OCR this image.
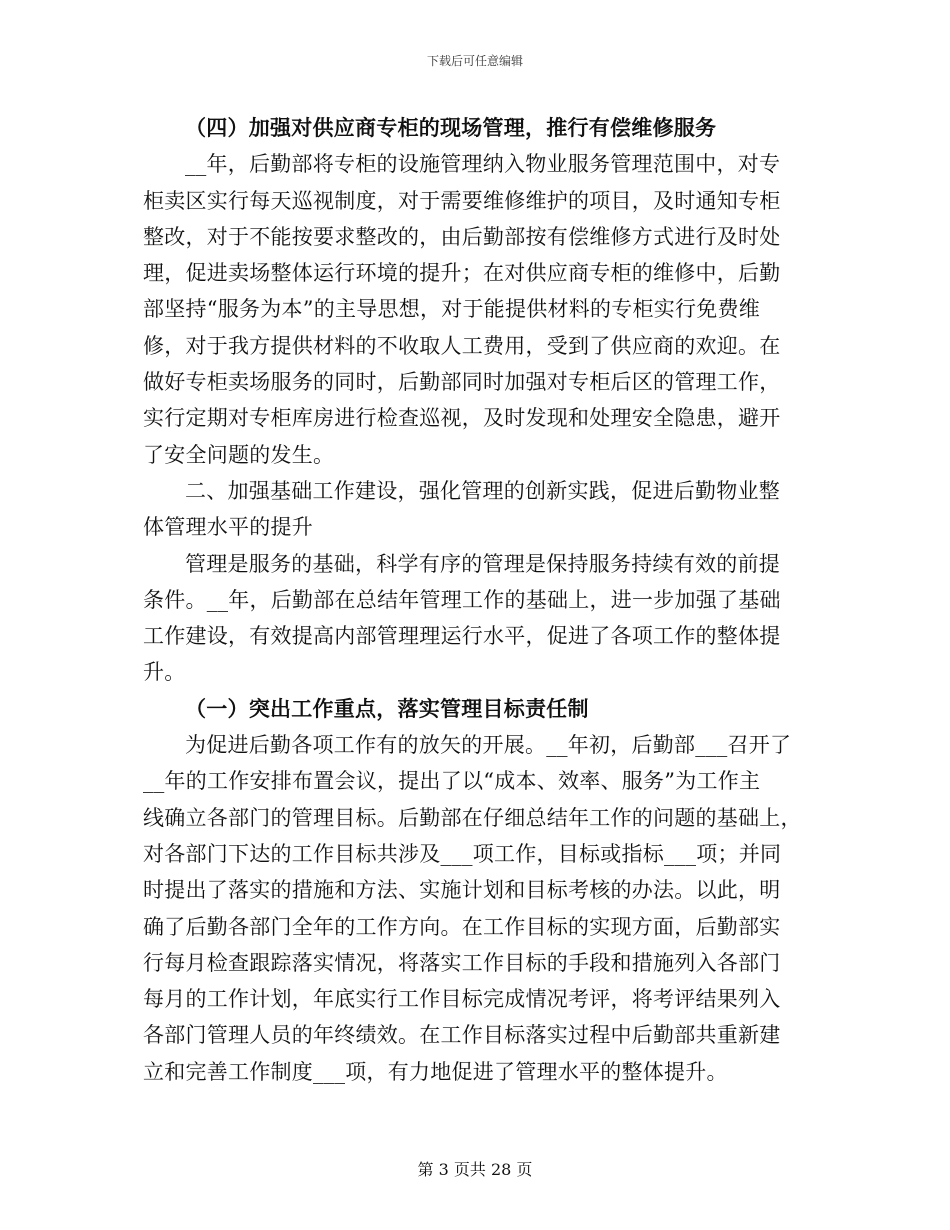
下载后可任意编辑
（四）加强对供应商专柜的现场管理，推行有偿维修服务
__年，后勤部将专柜的设施管理纳入物业服务管理范围中，对专
柜卖区实行每天巡视制度，对于需要维修维护的项目，及时通知专柜
整改，对于不能按要求整改的，由后勤部按有偿维修方式进行及时处
理，促进卖场整体运行环境的提升；在对供应商专柜的维修中，后勤
部坚持“服务为本”的主导思想，对于能提供材料的专柜实行免费维
修，对于我方提供材料的不收取人工费用，受到了供应商的欢迎。在
做好专柜卖场服务的同时，后勤部同时加强对专柜后区的管理工作，
实行定期对专柜库房进行检查巡视，及时发现和处理安全隐患，避开
了安全问题的发生。
二、加强基础工作建设，强化管理的创新实践，促进后勤物业整
体管理水平的提升
管理是服务的基础，科学有序的管理是保持服务持续有效的前提
条件。__年，后勤部在总结年管理工作的基础上，进一步加强了基础
工作建设，有效提高内部管理理运行水平，促进了各项工作的整体提
升。
（一）突出工作重点，落实管理目标责任制
为促进后勤各项工作有的放矢的开展。__年初，后勤部___召开了
__年的工作安排布置会议，提出了以“成本、效率、服务”为工作主
线确立各部门的管理目标。后勤部在仔细总结年工作的问题的基础上，
对各部门下达的工作目标共涉及___项工作，目标或指标___项；并同
时提出了落实的措施和方法、实施计划和目标考核的办法。以此，明
确了后勤各部门全年的工作方向。在工作目标的实现方面，后勤部实
行每月检查跟踪落实情况，将落实工作目标的手段和措施列入各部门
每月的工作计划，年底实行工作目标完成情况考评，将考评结果列入
各部门管理人员的年终绩效。在工作目标落实过程中后勤部共重新建
立和完善工作制度___项，有力地促进了管理水平的整体提升。
第 3 页共 28 页
